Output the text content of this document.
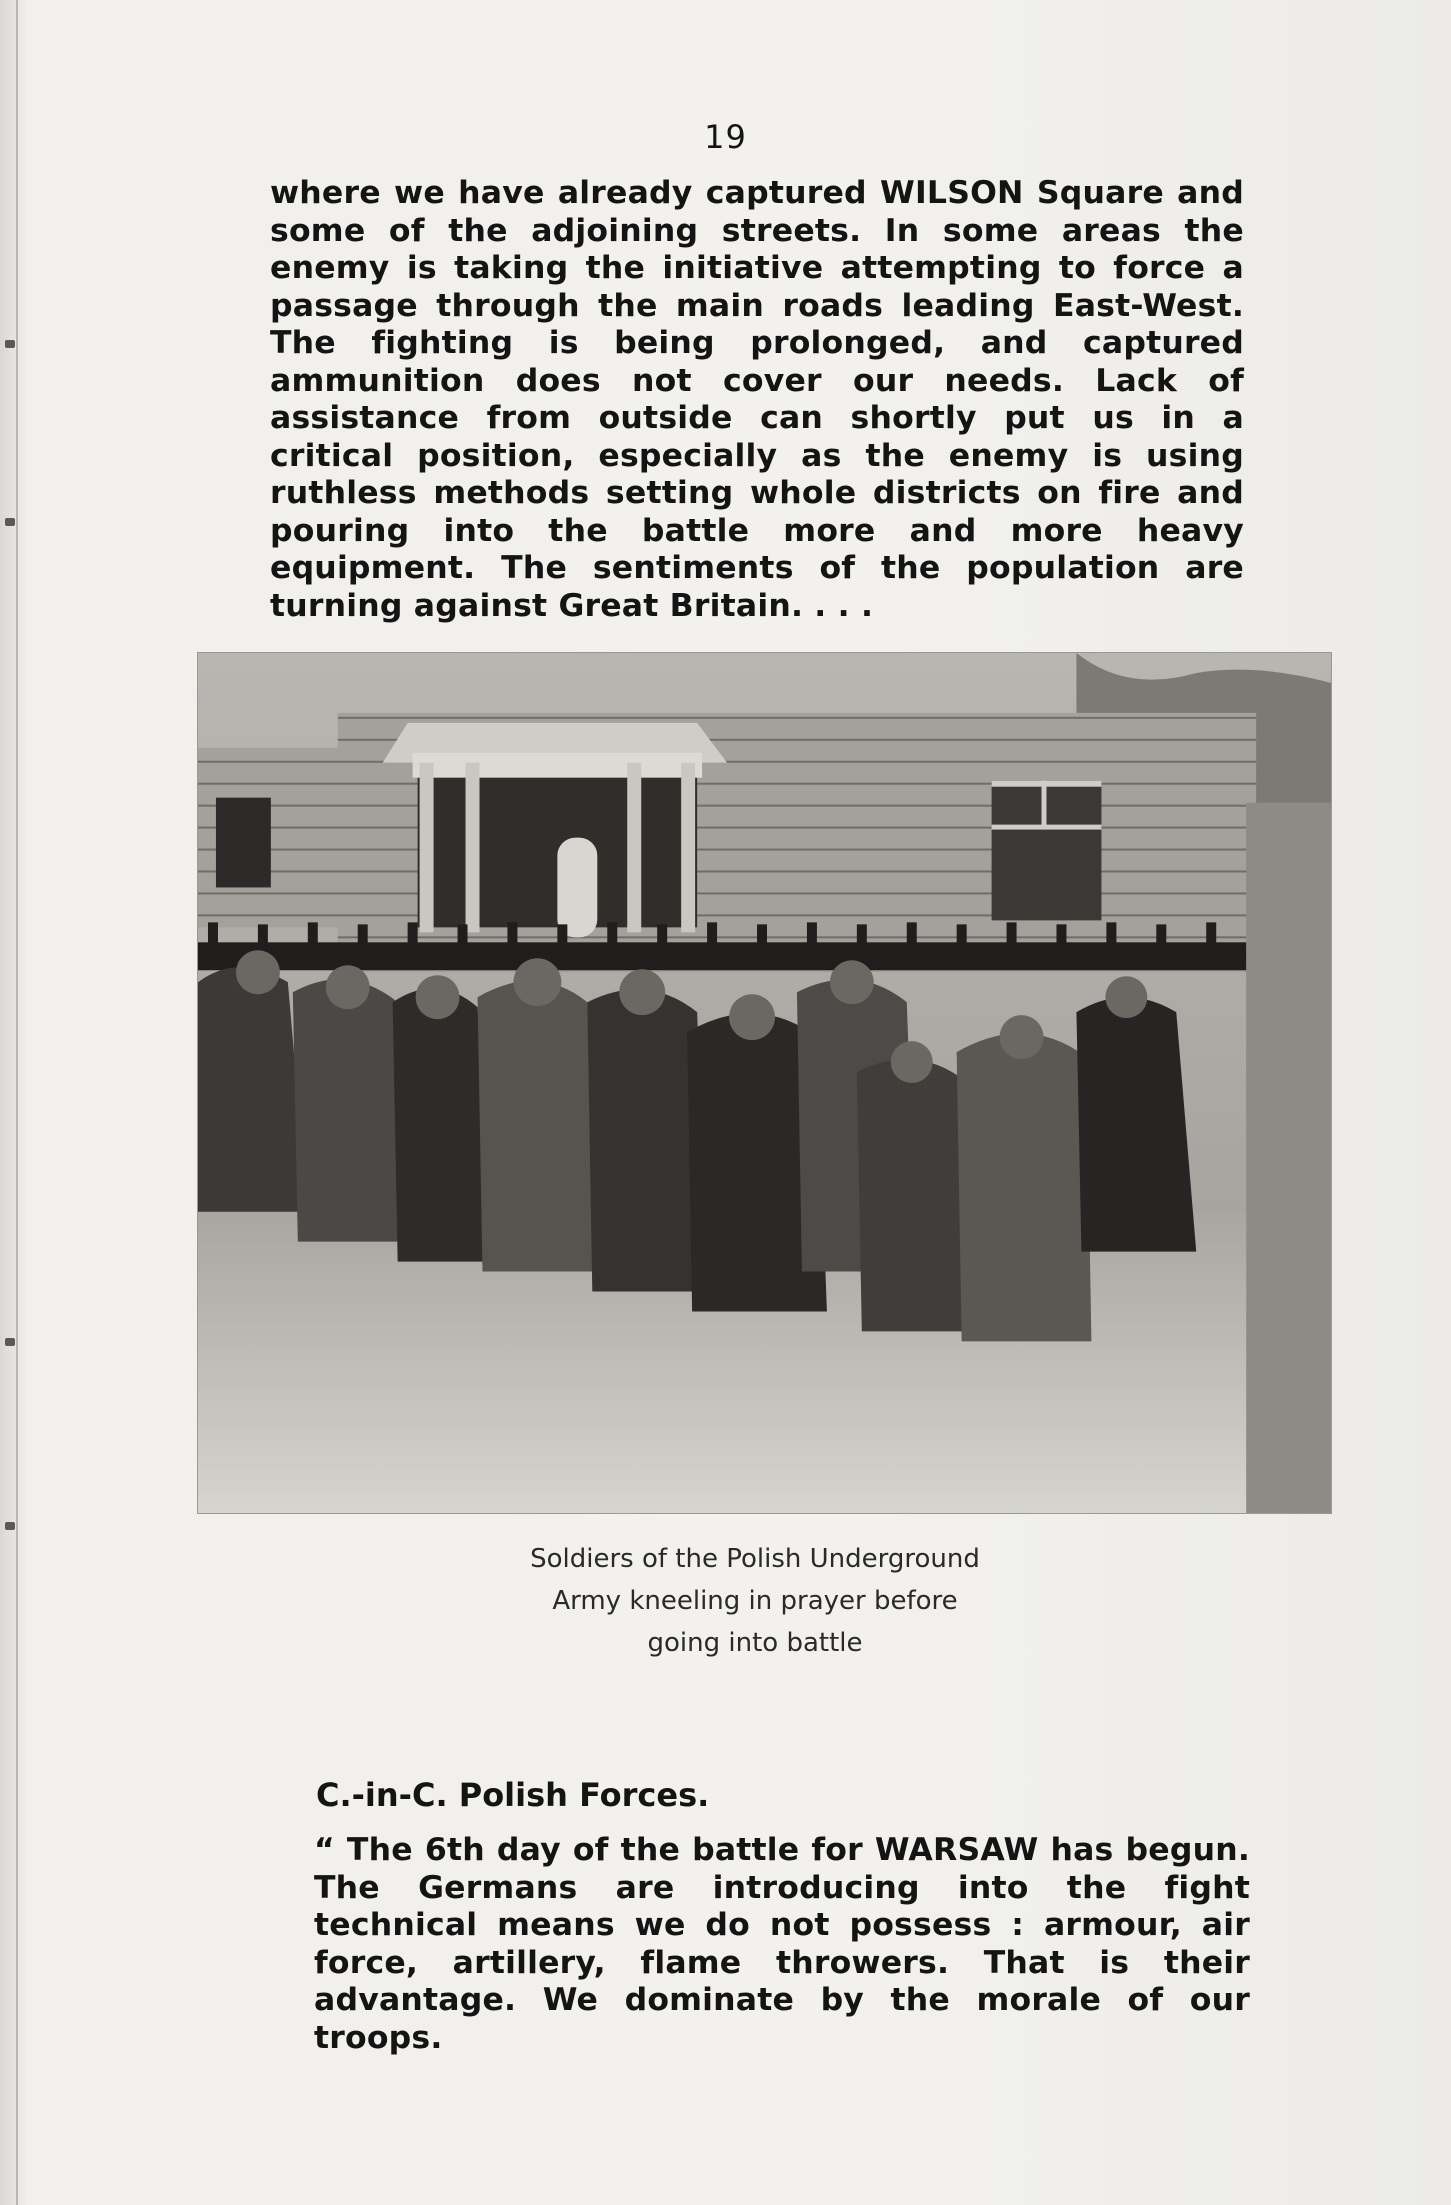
19

where we have already captured WILSON Square and some of the adjoining streets. In some areas the enemy is taking the initiative attempting to force a passage through the main roads leading East-West. The fighting is being prolonged, and captured ammunition does not cover our needs. Lack of assistance from outside can shortly put us in a critical position, especially as the enemy is using ruthless methods setting whole districts on fire and pouring into the battle more and more heavy equipment. The sentiments of the population are turning against Great Britain. . . .

Soldiers of the Polish Underground
Army kneeling in prayer before
going into battle
C.-in-C. Polish Forces.

“ The 6th day of the battle for WARSAW has begun. The Germans are introducing into the fight technical means we do not possess : armour, air force, artillery, flame throwers. That is their advantage. We dominate by the morale of our troops.
